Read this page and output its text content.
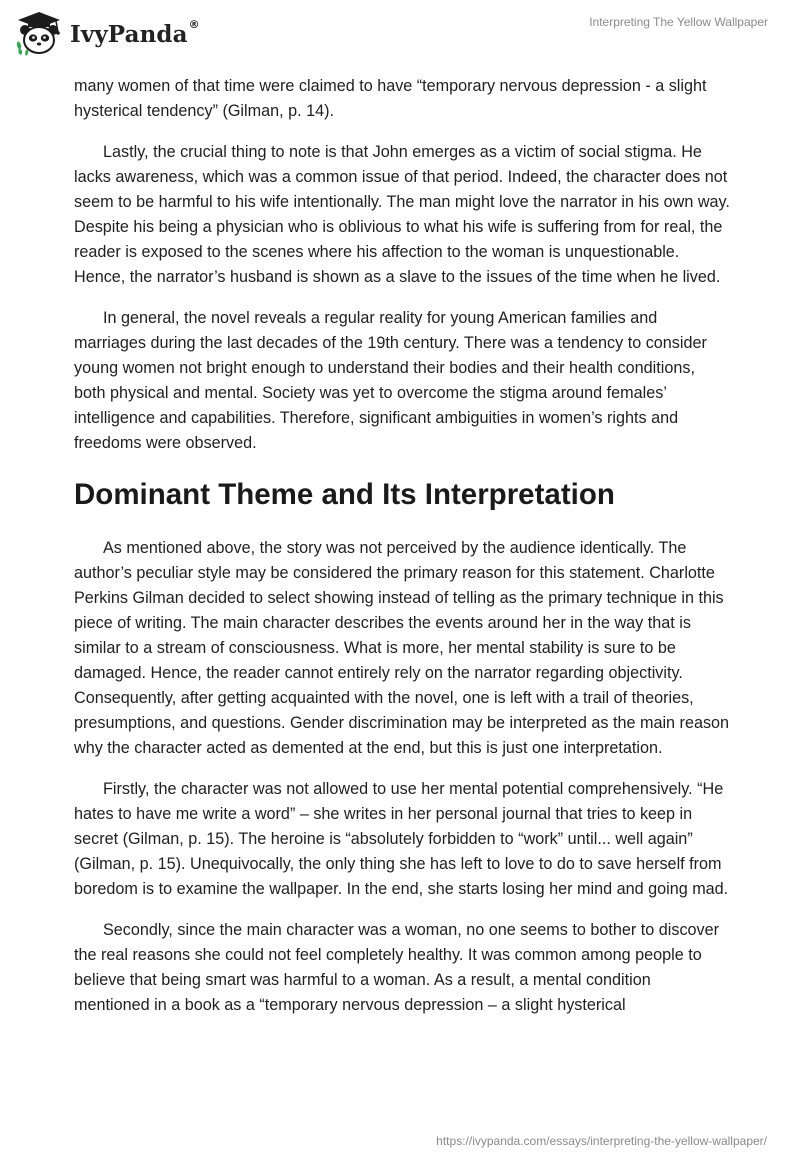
IvyPanda®	Interpreting The Yellow Wallpaper

many women of that time were claimed to have “temporary nervous depression - a slight hysterical tendency” (Gilman, p. 14).

Lastly, the crucial thing to note is that John emerges as a victim of social stigma. He lacks awareness, which was a common issue of that period. Indeed, the character does not seem to be harmful to his wife intentionally. The man might love the narrator in his own way. Despite his being a physician who is oblivious to what his wife is suffering from for real, the reader is exposed to the scenes where his affection to the woman is unquestionable. Hence, the narrator’s husband is shown as a slave to the issues of the time when he lived.

In general, the novel reveals a regular reality for young American families and marriages during the last decades of the 19th century. There was a tendency to consider young women not bright enough to understand their bodies and their health conditions, both physical and mental. Society was yet to overcome the stigma around females’ intelligence and capabilities. Therefore, significant ambiguities in women’s rights and freedoms were observed.

Dominant Theme and Its Interpretation

As mentioned above, the story was not perceived by the audience identically. The author’s peculiar style may be considered the primary reason for this statement. Charlotte Perkins Gilman decided to select showing instead of telling as the primary technique in this piece of writing. The main character describes the events around her in the way that is similar to a stream of consciousness. What is more, her mental stability is sure to be damaged. Hence, the reader cannot entirely rely on the narrator regarding objectivity. Consequently, after getting acquainted with the novel, one is left with a trail of theories, presumptions, and questions. Gender discrimination may be interpreted as the main reason why the character acted as demented at the end, but this is just one interpretation.

Firstly, the character was not allowed to use her mental potential comprehensively. “He hates to have me write a word” – she writes in her personal journal that tries to keep in secret (Gilman, p. 15). The heroine is “absolutely forbidden to “work” until... well again” (Gilman, p. 15). Unequivocally, the only thing she has left to love to do to save herself from boredom is to examine the wallpaper. In the end, she starts losing her mind and going mad.

Secondly, since the main character was a woman, no one seems to bother to discover the real reasons she could not feel completely healthy. It was common among people to believe that being smart was harmful to a woman. As a result, a mental condition mentioned in a book as a “temporary nervous depression – a slight hysterical

https://ivypanda.com/essays/interpreting-the-yellow-wallpaper/
